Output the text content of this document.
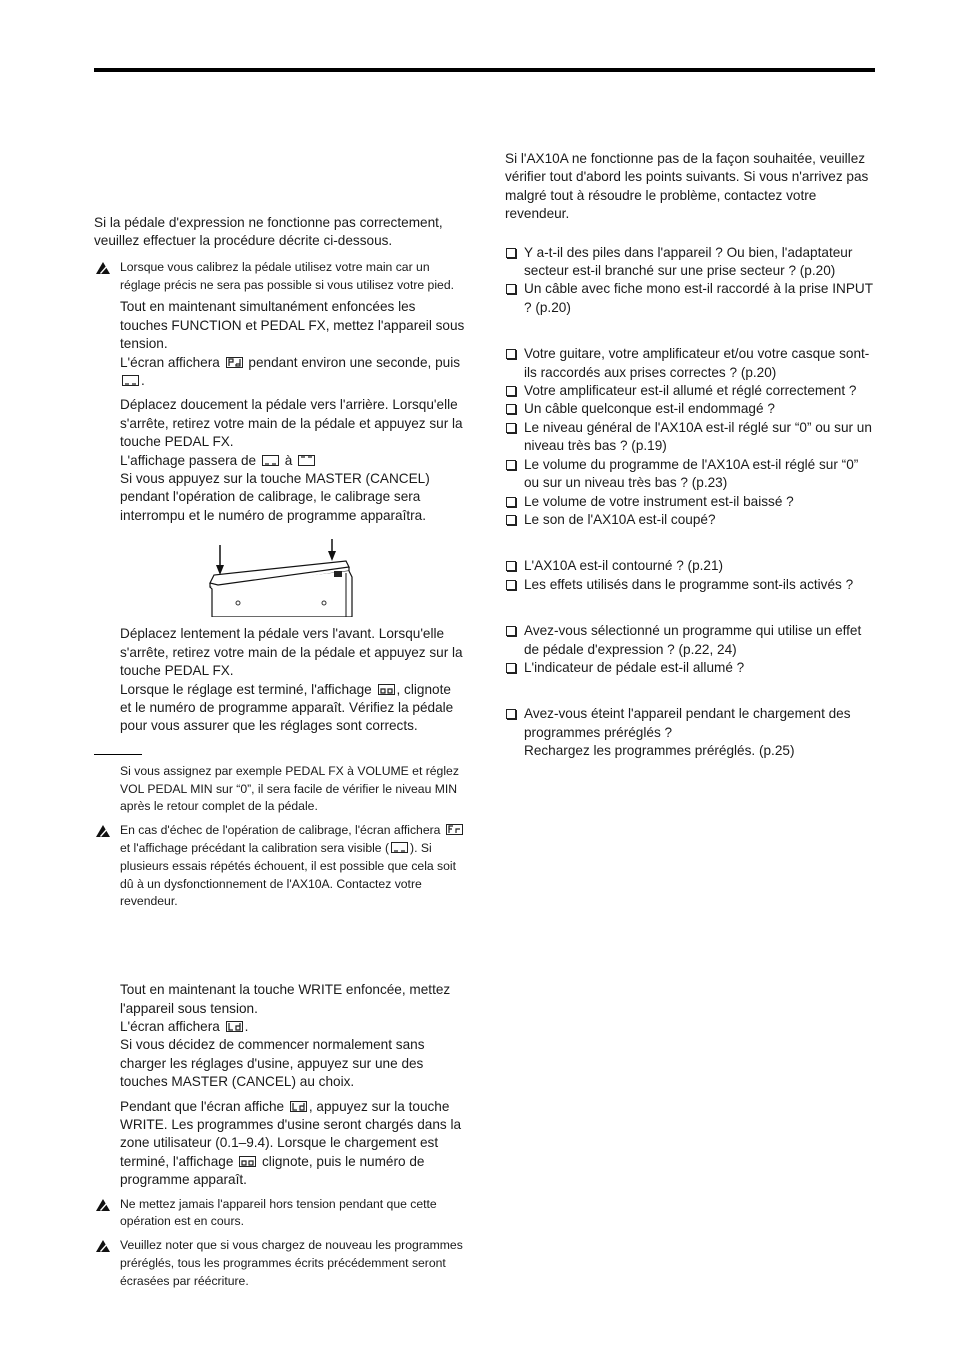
Si la pédale d'expression ne fonctionne pas correctement, veuillez effectuer la procédure décrite ci-dessous.

Lorsque vous calibrez la pédale utilisez votre main car un réglage précis ne sera pas possible si vous utilisez votre pied.

Tout en maintenant simultanément enfoncées les touches FUNCTION et PEDAL FX, mettez l'appareil sous tension.

L'écran affichera pendant environ une seconde, puis

.

Déplacez doucement la pédale vers l'arrière. Lorsqu'elle s'arrête, retirez votre main de la pédale et appuyez sur la touche PEDAL FX.

L'affichage passera de à

Si vous appuyez sur la touche MASTER (CANCEL) pendant l'opération de calibrage, le calibrage sera interrompu et le numéro de programme apparaîtra.

Déplacez lentement la pédale vers l'avant. Lorsqu'elle s'arrête, retirez votre main de la pédale et appuyez sur la touche PEDAL FX.

Lorsque le réglage est terminé, l'affichage , clignote et le numéro de programme apparaît. Vérifiez la pédale pour vous assurer que les réglages sont corrects.

Si vous assignez par exemple PEDAL FX à VOLUME et réglez VOL PEDAL MIN sur “0”, il sera facile de vérifier le niveau MIN après le retour complet de la pédale.

En cas d'échec de l'opération de calibrage, l'écran affichera
et l'affichage précédant la calibration sera visible ( ). Si plusieurs essais répétés échouent, il est possible que cela soit dû à un dysfonctionnement de l'AX10A. Contactez votre revendeur.

Tout en maintenant la touche WRITE enfoncée, mettez l'appareil sous tension.

L'écran affichera .

Si vous décidez de commencer normalement sans charger les réglages d'usine, appuyez sur une des touches MASTER (CANCEL) au choix.

Pendant que l'écran affiche , appuyez sur la touche WRITE. Les programmes d'usine seront chargés dans la zone utilisateur (0.1–9.4). Lorsque le chargement est terminé, l'affichage clignote, puis le numéro de programme apparaît.

Ne mettez jamais l'appareil hors tension pendant que cette opération est en cours.
Veuillez noter que si vous chargez de nouveau les programmes préréglés, tous les programmes écrits précédemment seront écrasées par réécriture.

Si l'AX10A ne fonctionne pas de la façon souhaitée, veuillez vérifier tout d'abord les points suivants. Si vous n'arrivez pas malgré tout à résoudre le problème, contactez votre revendeur.

Y a-t-il des piles dans l'appareil ? Ou bien, l'adaptateur secteur est-il branché sur une prise secteur ? (p.20)
Un câble avec fiche mono est-il raccordé à la prise INPUT ? (p.20)
Votre guitare, votre amplificateur et/ou votre casque sont-ils raccordés aux prises correctes ? (p.20)
Votre amplificateur est-il allumé et réglé correctement ?
Un câble quelconque est-il endommagé ?
Le niveau général de l'AX10A est-il réglé sur “0” ou sur un niveau très bas ? (p.19)
Le volume du programme de l'AX10A est-il réglé sur “0” ou sur un niveau très bas ? (p.23)
Le volume de votre instrument est-il baissé ?
Le son de l'AX10A est-il coupé?
L'AX10A est-il contourné ? (p.21)
Les effets utilisés dans le programme sont-ils activés ?
Avez-vous sélectionné un programme qui utilise un effet de pédale d'expression ? (p.22, 24)
L'indicateur de pédale est-il allumé ?
Avez-vous éteint l'appareil pendant le chargement des programmes préréglés ?

Rechargez les programmes préréglés. (p.25)
